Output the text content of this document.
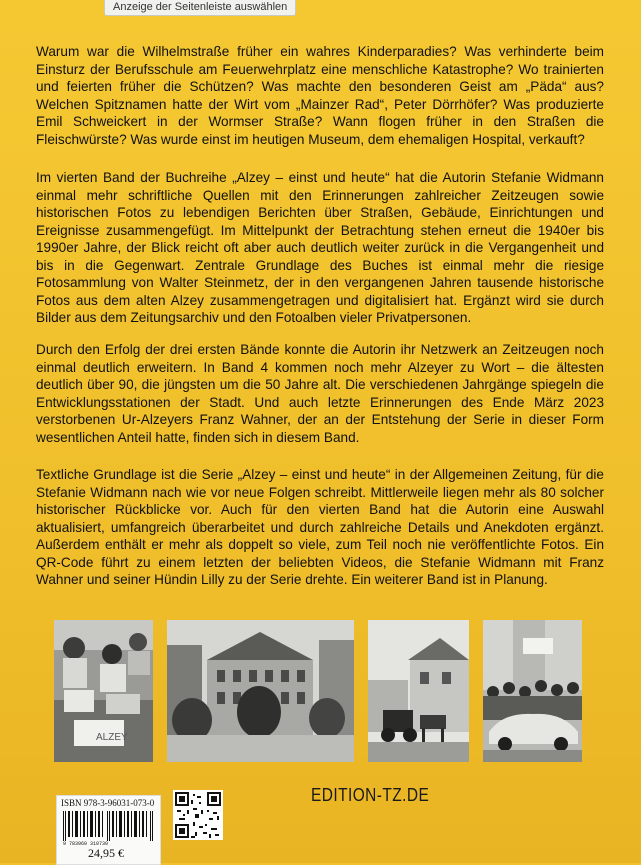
Anzeige der Seitenleiste auswählen

Warum war die Wilhelmstraße früher ein wahres Kinderparadies? Was verhinderte beim Einsturz der Berufsschule am Feuerwehrplatz eine menschliche Katastrophe? Wo trainierten und feierten früher die Schützen? Was machte den besonderen Geist am „Päda“ aus? Welchen Spitznamen hatte der Wirt vom „Mainzer Rad“, Peter Dörrhöfer? Was produzierte Emil Schweickert in der Wormser Straße? Wann flogen früher in den Straßen die Fleischwürste? Was wurde einst im heutigen Museum, dem ehemaligen Hospital, verkauft?

Im vierten Band der Buchreihe „Alzey – einst und heute“ hat die Autorin Stefanie Widmann einmal mehr schriftliche Quellen mit den Erinnerungen zahlreicher Zeitzeugen sowie historischen Fotos zu lebendigen Berichten über Straßen, Gebäude, Einrichtungen und Ereignisse zusammengefügt. Im Mittelpunkt der Betrachtung stehen erneut die 1940er bis 1990er Jahre, der Blick reicht oft aber auch deutlich weiter zurück in die Vergangenheit und bis in die Gegenwart. Zentrale Grundlage des Buches ist einmal mehr die riesige Fotosammlung von Walter Steinmetz, der in den vergangenen Jahren tausende historische Fotos aus dem alten Alzey zusammengetragen und digitalisiert hat. Ergänzt wird sie durch Bilder aus dem Zeitungsarchiv und den Fotoalben vieler Privatpersonen.

Durch den Erfolg der drei ersten Bände konnte die Autorin ihr Netzwerk an Zeitzeugen noch einmal deutlich erweitern. In Band 4 kommen noch mehr Alzeyer zu Wort – die ältesten deutlich über 90, die jüngsten um die 50 Jahre alt. Die verschiedenen Jahrgänge spiegeln die Entwicklungsstationen der Stadt. Und auch letzte Erinnerungen des Ende März 2023 verstorbenen Ur-Alzeyers Franz Wahner, der an der Entstehung der Serie in dieser Form wesentlichen Anteil hatte, finden sich in diesem Band.

Textliche Grundlage ist die Serie „Alzey – einst und heute“ in der Allgemeinen Zeitung, für die Stefanie Widmann nach wie vor neue Folgen schreibt. Mittlerweile liegen mehr als 80 solcher historischer Rückblicke vor. Auch für den vierten Band hat die Autorin eine Auswahl aktualisiert, umfangreich überarbeitet und durch zahlreiche Details und Anekdoten ergänzt. Außerdem enthält er mehr als doppelt so viele, zum Teil noch nie veröffentlichte Fotos. Ein QR-Code führt zu einem letzten der beliebten Videos, die Stefanie Widmann mit Franz Wahner und seiner Hündin Lilly zu der Serie drehte. Ein weiterer Band ist in Planung.

ALZEY
ISBN 978-3-96031-073-0
9 783960 310730
24,95 €
EDITION-TZ.DE
